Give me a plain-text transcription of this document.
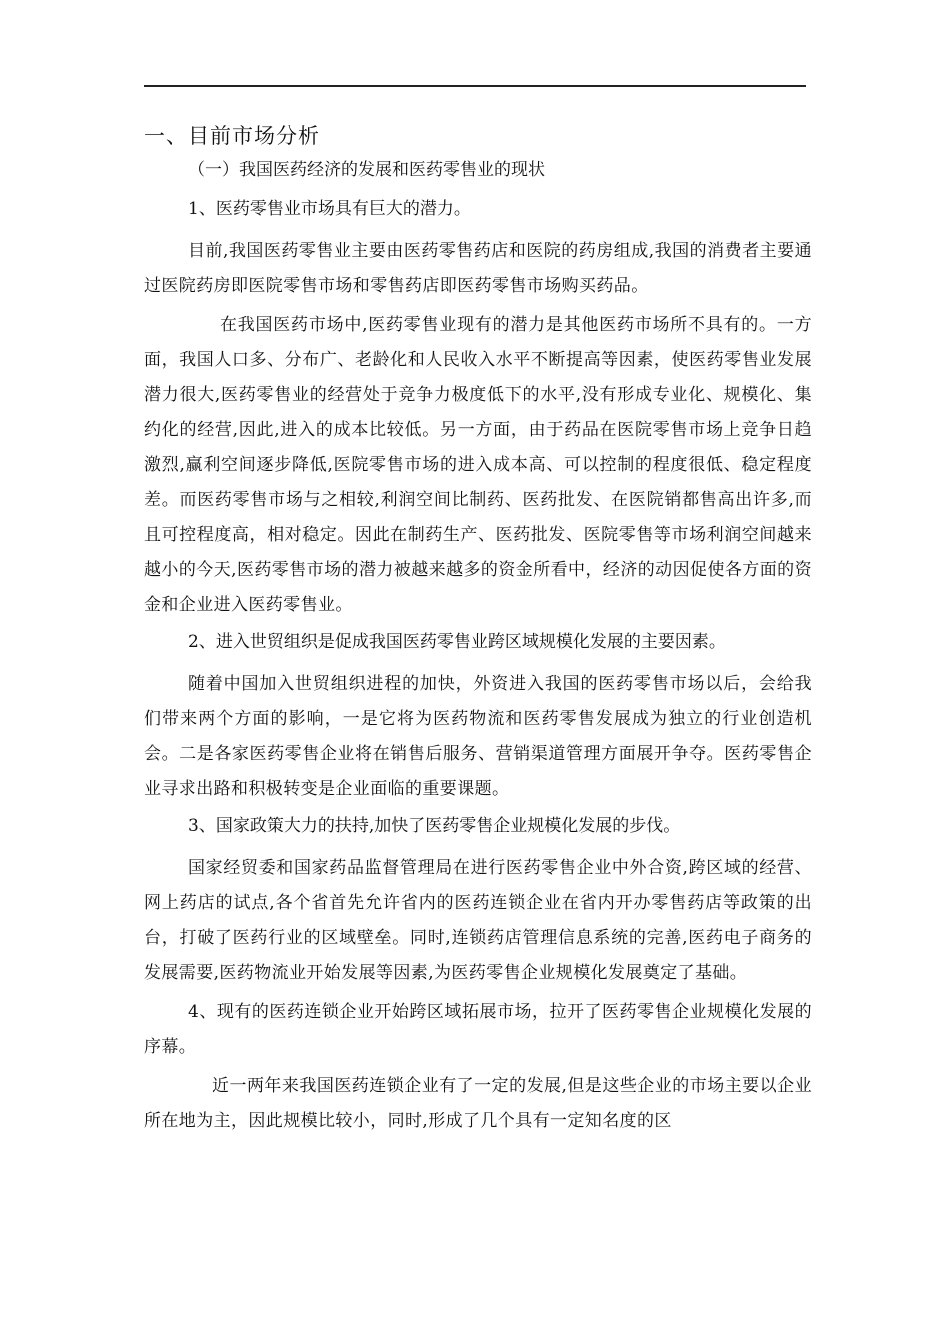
一、目前市场分析
（一）我国医药经济的发展和医药零售业的现状
1、医药零售业市场具有巨大的潜力。

目前,我国医药零售业主要由医药零售药店和医院的药房组成,我国的消费者主要通过医院药房即医院零售市场和零售药店即医药零售市场购买药品。

在我国医药市场中,医药零售业现有的潜力是其他医药市场所不具有的。一方面，我国人口多、分布广、老龄化和人民收入水平不断提高等因素，使医药零售业发展潜力很大,医药零售业的经营处于竞争力极度低下的水平,没有形成专业化、规模化、集约化的经营,因此,进入的成本比较低。另一方面，由于药品在医院零售市场上竞争日趋激烈,赢利空间逐步降低,医院零售市场的进入成本高、可以控制的程度很低、稳定程度差。而医药零售市场与之相较,利润空间比制药、医药批发、在医院销都售高出许多,而且可控程度高，相对稳定。因此在制药生产、医药批发、医院零售等市场利润空间越来越小的今天,医药零售市场的潜力被越来越多的资金所看中，经济的动因促使各方面的资金和企业进入医药零售业。

2、进入世贸组织是促成我国医药零售业跨区域规模化发展的主要因素。

随着中国加入世贸组织进程的加快，外资进入我国的医药零售市场以后，会给我们带来两个方面的影响，一是它将为医药物流和医药零售发展成为独立的行业创造机会。二是各家医药零售企业将在销售后服务、营销渠道管理方面展开争夺。医药零售企业寻求出路和积极转变是企业面临的重要课题。

3、国家政策大力的扶持,加快了医药零售企业规模化发展的步伐。

国家经贸委和国家药品监督管理局在进行医药零售企业中外合资,跨区域的经营、网上药店的试点,各个省首先允许省内的医药连锁企业在省内开办零售药店等政策的出台，打破了医药行业的区域壁垒。同时,连锁药店管理信息系统的完善,医药电子商务的发展需要,医药物流业开始发展等因素,为医药零售企业规模化发展奠定了基础。

4、现有的医药连锁企业开始跨区域拓展市场，拉开了医药零售企业规模化发展的序幕。

近一两年来我国医药连锁企业有了一定的发展,但是这些企业的市场主要以企业所在地为主，因此规模比较小，同时,形成了几个具有一定知名度的区
